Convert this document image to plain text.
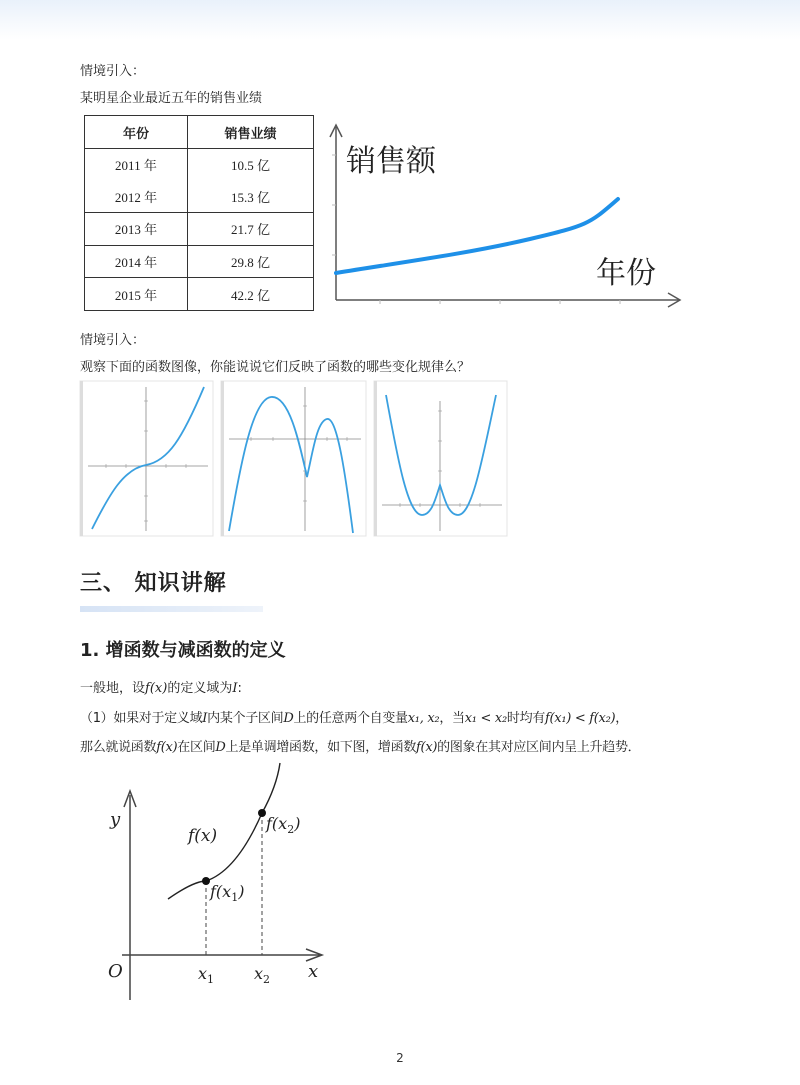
情境引入：
某明星企业最近五年的销售业绩
年份	销售业绩
2011 年	10.5 亿
2012 年	15.3 亿
2013 年	21.7 亿
2014 年	29.8 亿
2015 年	42.2 亿
销售额
年份
情境引入：
观察下面的函数图像，你能说说它们反映了函数的哪些变化规律么？
三、 知识讲解
1. 增函数与减函数的定义
一般地，设f(x)的定义域为I:
（1）如果对于定义域I内某个子区间D上的任意两个自变量x₁, x₂，当x₁ < x₂时均有f(x₁) < f(x₂)，
那么就说函数f(x)在区间D上是单调增函数，如下图，增函数f(x)的图象在其对应区间内呈上升趋势．
y
x
O	$x_1$ $x_2$
f(x)
$f(x_1)$
$f(x_2)$
2
